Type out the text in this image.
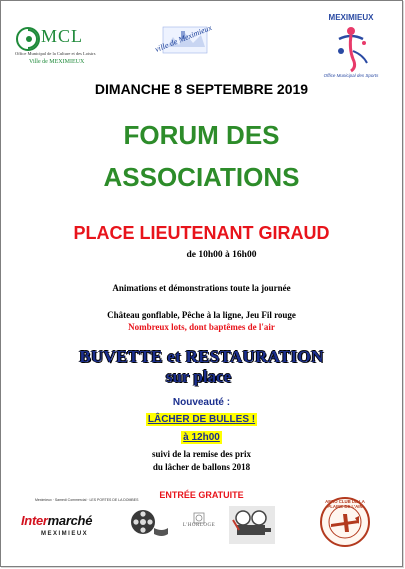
MCL
Office Municipal de la Culture et des Loisirs
Ville de MEXIMIEUX
ville de Meximieux
MEXIMIEUX
Office Municipal des Sports
DIMANCHE 8 SEPTEMBRE 2019
FORUM DES
ASSOCIATIONS
PLACE LIEUTENANT GIRAUD
de 10h00 à 16h00
Animations et démonstrations toute la journée
Château gonflable, Pêche à la ligne, Jeu Fil rouge
Nombreux lots, dont baptêmes de l'air
BUVETTE et RESTAURATION
sur place
Nouveauté :
LÂCHER DE BULLES !
à 12h00
suivi de la remise des prix
du lâcher de ballons 2018
ENTRÉE GRATUITE
Meximieux · Samedi Commercial · LES PORTES DE LA DOMBES
Intermarché
MEXIMIEUX
L'HORLOGE
AERO CLUB DE LA PLAINE DE L'AIN
